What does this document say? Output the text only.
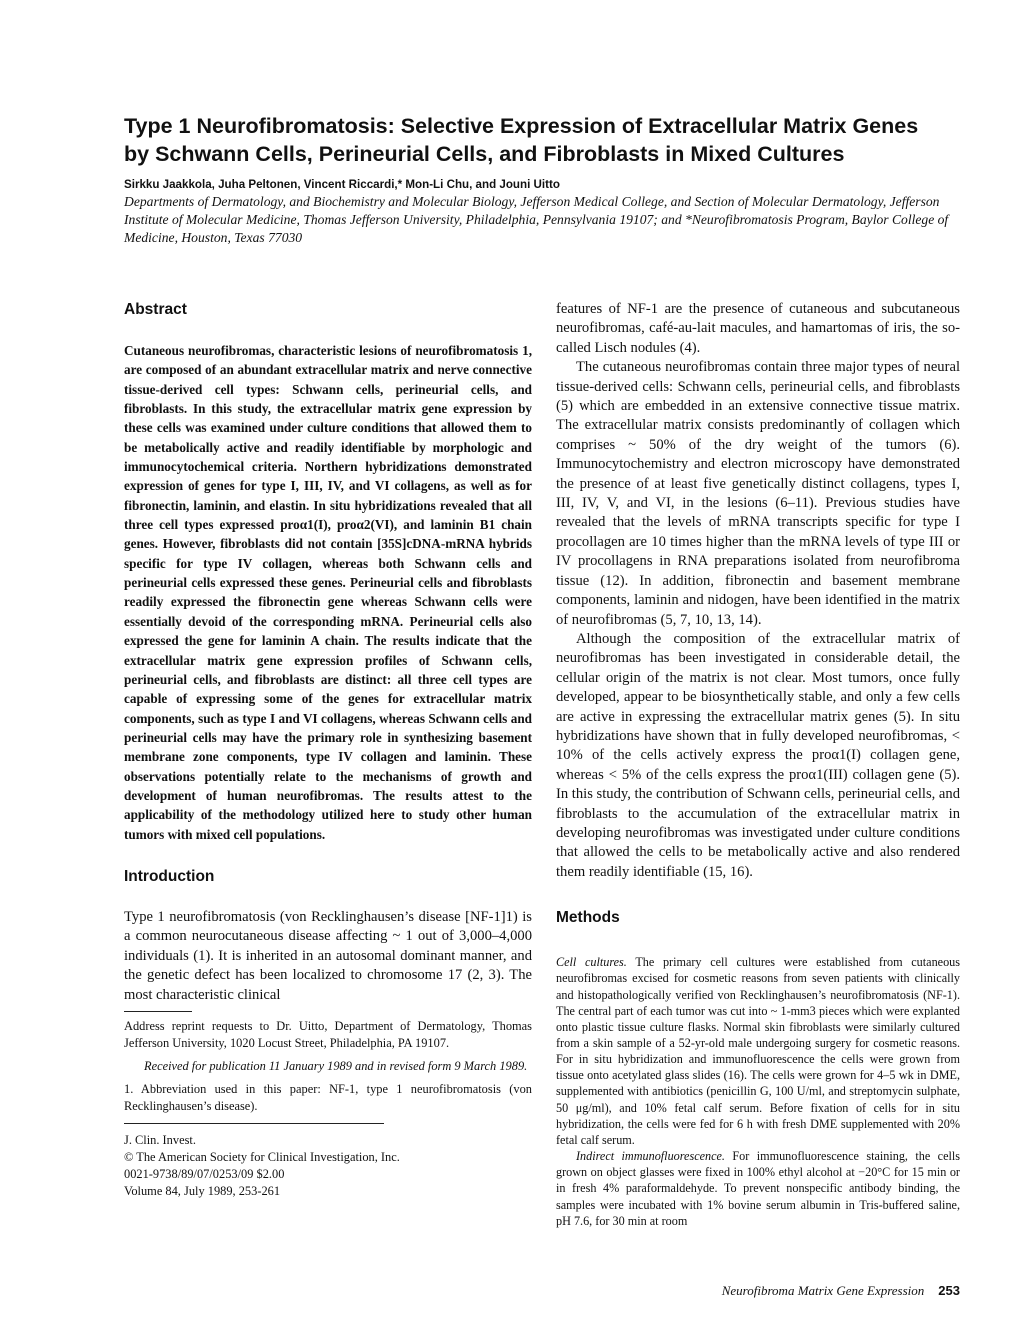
Type 1 Neurofibromatosis: Selective Expression of Extracellular Matrix Genes by Schwann Cells, Perineurial Cells, and Fibroblasts in Mixed Cultures
Sirkku Jaakkola, Juha Peltonen, Vincent Riccardi,* Mon-Li Chu, and Jouni Uitto
Departments of Dermatology, and Biochemistry and Molecular Biology, Jefferson Medical College, and Section of Molecular Dermatology, Jefferson Institute of Molecular Medicine, Thomas Jefferson University, Philadelphia, Pennsylvania 19107; and *Neurofibromatosis Program, Baylor College of Medicine, Houston, Texas 77030
Abstract

Cutaneous neurofibromas, characteristic lesions of neurofibromatosis 1, are composed of an abundant extracellular matrix and nerve connective tissue-derived cell types: Schwann cells, perineurial cells, and fibroblasts. In this study, the extracellular matrix gene expression by these cells was examined under culture conditions that allowed them to be metabolically active and readily identifiable by morphologic and immunocytochemical criteria. Northern hybridizations demonstrated expression of genes for type I, III, IV, and VI collagens, as well as for fibronectin, laminin, and elastin. In situ hybridizations revealed that all three cell types expressed proα1(I), proα2(VI), and laminin B1 chain genes. However, fibroblasts did not contain [35S]cDNA-mRNA hybrids specific for type IV collagen, whereas both Schwann cells and perineurial cells expressed these genes. Perineurial cells and fibroblasts readily expressed the fibronectin gene whereas Schwann cells were essentially devoid of the corresponding mRNA. Perineurial cells also expressed the gene for laminin A chain. The results indicate that the extracellular matrix gene expression profiles of Schwann cells, perineurial cells, and fibroblasts are distinct: all three cell types are capable of expressing some of the genes for extracellular matrix components, such as type I and VI collagens, whereas Schwann cells and perineurial cells may have the primary role in synthesizing basement membrane zone components, type IV collagen and laminin. These observations potentially relate to the mechanisms of growth and development of human neurofibromas. The results attest to the applicability of the methodology utilized here to study other human tumors with mixed cell populations.

Introduction

Type 1 neurofibromatosis (von Recklinghausen’s disease [NF-1]1) is a common neurocutaneous disease affecting ~ 1 out of 3,000–4,000 individuals (1). It is inherited in an autosomal dominant manner, and the genetic defect has been localized to chromosome 17 (2, 3). The most characteristic clinical

Address reprint requests to Dr. Uitto, Department of Dermatology, Thomas Jefferson University, 1020 Locust Street, Philadelphia, PA 19107.

Received for publication 11 January 1989 and in revised form 9 March 1989.

1. Abbreviation used in this paper: NF-1, type 1 neurofibromatosis (von Recklinghausen’s disease).

J. Clin. Invest.
© The American Society for Clinical Investigation, Inc.
0021-9738/89/07/0253/09 $2.00
Volume 84, July 1989, 253-261

features of NF-1 are the presence of cutaneous and subcutaneous neurofibromas, café-au-lait macules, and hamartomas of iris, the so-called Lisch nodules (4).

The cutaneous neurofibromas contain three major types of neural tissue-derived cells: Schwann cells, perineurial cells, and fibroblasts (5) which are embedded in an extensive connective tissue matrix. The extracellular matrix consists predominantly of collagen which comprises ~ 50% of the dry weight of the tumors (6). Immunocytochemistry and electron microscopy have demonstrated the presence of at least five genetically distinct collagens, types I, III, IV, V, and VI, in the lesions (6–11). Previous studies have revealed that the levels of mRNA transcripts specific for type I procollagen are 10 times higher than the mRNA levels of type III or IV procollagens in RNA preparations isolated from neurofibroma tissue (12). In addition, fibronectin and basement membrane components, laminin and nidogen, have been identified in the matrix of neurofibromas (5, 7, 10, 13, 14).

Although the composition of the extracellular matrix of neurofibromas has been investigated in considerable detail, the cellular origin of the matrix is not clear. Most tumors, once fully developed, appear to be biosynthetically stable, and only a few cells are active in expressing the extracellular matrix genes (5). In situ hybridizations have shown that in fully developed neurofibromas, < 10% of the cells actively express the proα1(I) collagen gene, whereas < 5% of the cells express the proα1(III) collagen gene (5). In this study, the contribution of Schwann cells, perineurial cells, and fibroblasts to the accumulation of the extracellular matrix in developing neurofibromas was investigated under culture conditions that allowed the cells to be metabolically active and also rendered them readily identifiable (15, 16).

Methods

Cell cultures. The primary cell cultures were established from cutaneous neurofibromas excised for cosmetic reasons from seven patients with clinically and histopathologically verified von Recklinghausen’s neurofibromatosis (NF-1). The central part of each tumor was cut into ~ 1-mm3 pieces which were explanted onto plastic tissue culture flasks. Normal skin fibroblasts were similarly cultured from a skin sample of a 52-yr-old male undergoing surgery for cosmetic reasons. For in situ hybridization and immunofluorescence the cells were grown from tissue onto acetylated glass slides (16). The cells were grown for 4–5 wk in DME, supplemented with antibiotics (penicillin G, 100 U/ml, and streptomycin sulphate, 50 μg/ml), and 10% fetal calf serum. Before fixation of cells for in situ hybridization, the cells were fed for 6 h with fresh DME supplemented with 20% fetal calf serum.

Indirect immunofluorescence. For immunofluorescence staining, the cells grown on object glasses were fixed in 100% ethyl alcohol at −20°C for 15 min or in fresh 4% paraformaldehyde. To prevent nonspecific antibody binding, the samples were incubated with 1% bovine serum albumin in Tris-buffered saline, pH 7.6, for 30 min at room

Neurofibroma Matrix Gene Expression 253
